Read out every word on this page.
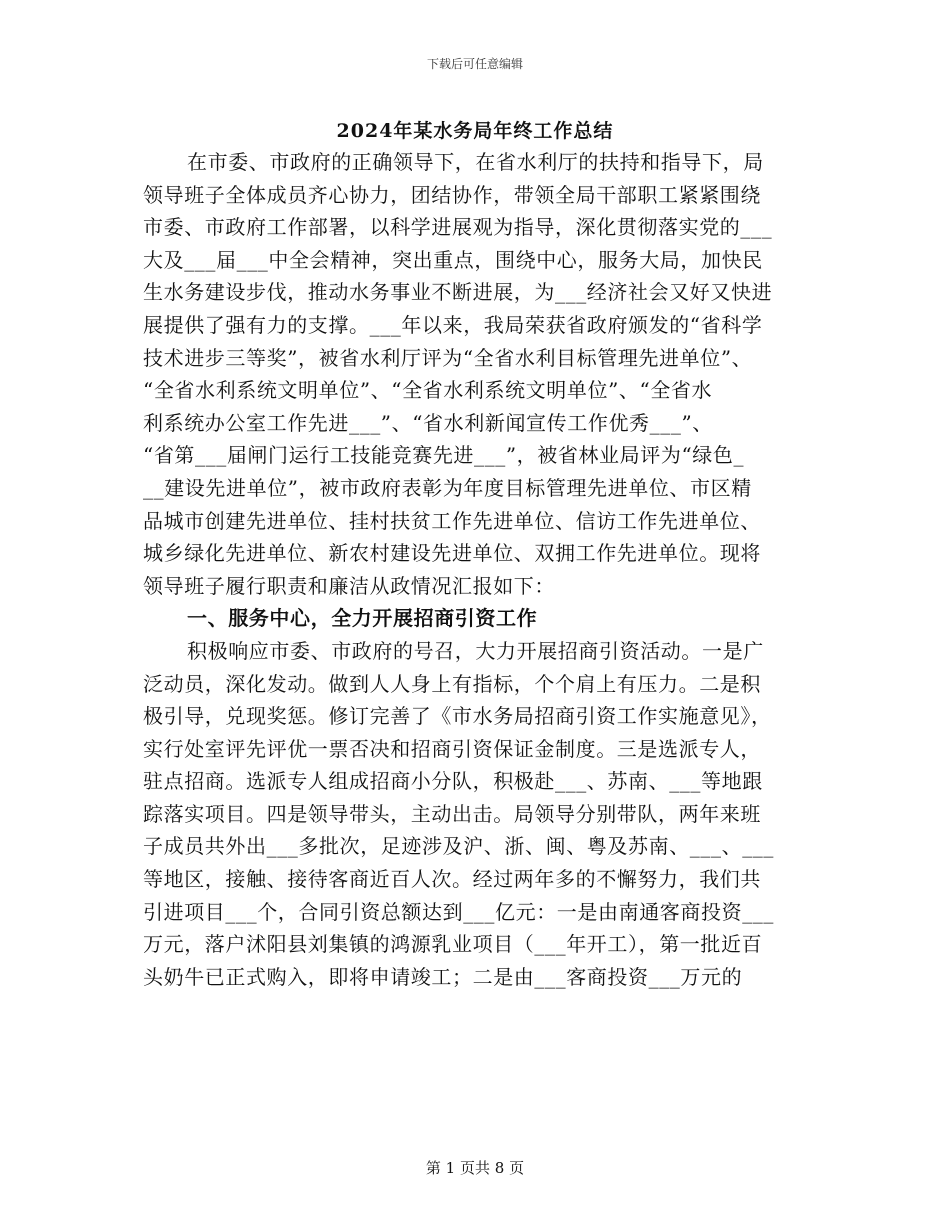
下载后可任意编辑
2024年某水务局年终工作总结
在市委、市政府的正确领导下，在省水利厅的扶持和指导下，局
领导班子全体成员齐心协力，团结协作，带领全局干部职工紧紧围绕
市委、市政府工作部署，以科学进展观为指导，深化贯彻落实党的___
大及___届___中全会精神，突出重点，围绕中心，服务大局，加快民
生水务建设步伐，推动水务事业不断进展，为___经济社会又好又快进
展提供了强有力的支撑。___年以来，我局荣获省政府颁发的“省科学
技术进步三等奖”，被省水利厅评为“全省水利目标管理先进单位”、
“全省水利系统文明单位”、“全省水利系统文明单位”、“全省水
利系统办公室工作先进___”、“省水利新闻宣传工作优秀___”、
“省第___届闸门运行工技能竞赛先进___”，被省林业局评为“绿色_
__建设先进单位”，被市政府表彰为年度目标管理先进单位、市区精
品城市创建先进单位、挂村扶贫工作先进单位、信访工作先进单位、
城乡绿化先进单位、新农村建设先进单位、双拥工作先进单位。现将
领导班子履行职责和廉洁从政情况汇报如下：
一、服务中心，全力开展招商引资工作
积极响应市委、市政府的号召，大力开展招商引资活动。一是广
泛动员，深化发动。做到人人身上有指标，个个肩上有压力。二是积
极引导，兑现奖惩。修订完善了《市水务局招商引资工作实施意见》，
实行处室评先评优一票否决和招商引资保证金制度。三是选派专人，
驻点招商。选派专人组成招商小分队，积极赴___、苏南、___等地跟
踪落实项目。四是领导带头，主动出击。局领导分别带队，两年来班
子成员共外出___多批次，足迹涉及沪、浙、闽、粤及苏南、___、___
等地区，接触、接待客商近百人次。经过两年多的不懈努力，我们共
引进项目___个，合同引资总额达到___亿元：一是由南通客商投资___
万元，落户沭阳县刘集镇的鸿源乳业项目（___年开工），第一批近百
头奶牛已正式购入，即将申请竣工；二是由___客商投资___万元的
第 1 页共 8 页
